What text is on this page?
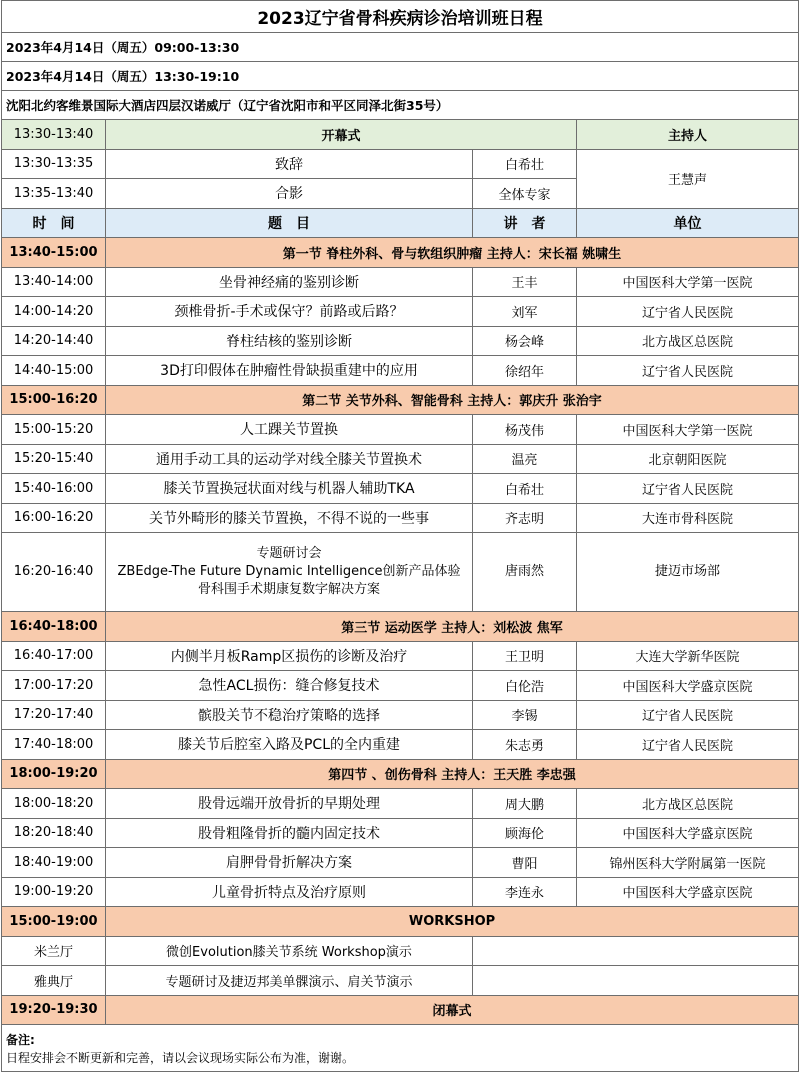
2023辽宁省骨科疾病诊治培训班日程			
2023年4月14日（周五）09:00-13:30			
2023年4月14日（周五）13:30-19:10			
沈阳北约客维景国际大酒店四层汉诺威厅（辽宁省沈阳市和平区同泽北街35号）			
13:30-13:40	开幕式		主持人
13:30-13:35	致辞	白希壮	王慧声
13:35-13:40	合影	全体专家	
时　间	题　目	讲　者	单位
13:40-15:00	第一节 脊柱外科、骨与软组织肿瘤 主持人：宋长福 姚啸生		
13:40-14:00	坐骨神经痛的鉴别诊断	王丰	中国医科大学第一医院
14:00-14:20	颈椎骨折-手术或保守？前路或后路？	刘军	辽宁省人民医院
14:20-14:40	脊柱结核的鉴别诊断	杨会峰	北方战区总医院
14:40-15:00	3D打印假体在肿瘤性骨缺损重建中的应用	徐绍年	辽宁省人民医院
15:00-16:20	第二节 关节外科、智能骨科 主持人：郭庆升 张治宇		
15:00-15:20	人工踝关节置换	杨茂伟	中国医科大学第一医院
15:20-15:40	通用手动工具的运动学对线全膝关节置换术	温亮	北京朝阳医院
15:40-16:00	膝关节置换冠状面对线与机器人辅助TKA	白希壮	辽宁省人民医院
16:00-16:20	关节外畸形的膝关节置换，不得不说的一些事	齐志明	大连市骨科医院
16:20-16:40	专题研讨会
ZBEdge-The Future Dynamic Intelligence创新产品体验
骨科围手术期康复数字解决方案	唐雨然	捷迈市场部
16:40-18:00	第三节 运动医学 主持人：刘松波 焦军		
16:40-17:00	内侧半月板Ramp区损伤的诊断及治疗	王卫明	大连大学新华医院
17:00-17:20	急性ACL损伤：缝合修复技术	白伦浩	中国医科大学盛京医院
17:20-17:40	髌股关节不稳治疗策略的选择	李锡	辽宁省人民医院
17:40-18:00	膝关节后腔室入路及PCL的全内重建	朱志勇	辽宁省人民医院
18:00-19:20	第四节 、创伤骨科 主持人：王天胜 李忠强		
18:00-18:20	股骨远端开放骨折的早期处理	周大鹏	北方战区总医院
18:20-18:40	股骨粗隆骨折的髓内固定技术	顾海伦	中国医科大学盛京医院
18:40-19:00	肩胛骨骨折解决方案	曹阳	锦州医科大学附属第一医院
19:00-19:20	儿童骨折特点及治疗原则	李连永	中国医科大学盛京医院
15:00-19:00	WORKSHOP		
米兰厅	微创Evolution膝关节系统 Workshop演示		
雅典厅	专题研讨及捷迈邦美单髁演示、肩关节演示		
19:20-19:30	闭幕式		
备注:
日程安排会不断更新和完善，请以会议现场实际公布为准，谢谢。			
